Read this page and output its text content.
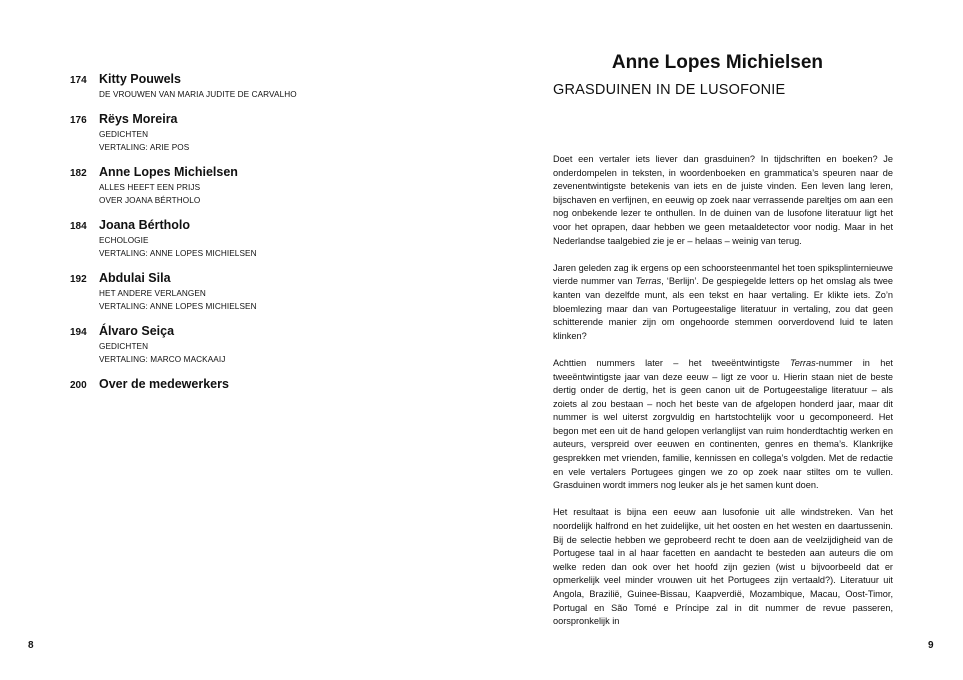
174 Kitty Pouwels
DE VROUWEN VAN MARIA JUDITE DE CARVALHO
176 Rëys Moreira
GEDICHTEN
VERTALING: ARIE POS
182 Anne Lopes Michielsen
ALLES HEEFT EEN PRIJS
OVER JOANA BÉRTHOLO
184 Joana Bértholo
ECHOLOGIE
VERTALING: ANNE LOPES MICHIELSEN
192 Abdulai Sila
HET ANDERE VERLANGEN
VERTALING: ANNE LOPES MICHIELSEN
194 Álvaro Seiça
GEDICHTEN
VERTALING: MARCO MACKAAIJ
200 Over de medewerkers
Anne Lopes Michielsen
GRASDUINEN IN DE LUSOFONIE

Doet een vertaler iets liever dan grasduinen? In tijdschriften en boeken? Je onderdompelen in teksten, in woordenboeken en grammatica’s speuren naar de zevenentwintigste betekenis van iets en de juiste vinden. Een leven lang leren, bijschaven en verfijnen, en eeuwig op zoek naar verrassende pareltjes om aan een nog onbekende lezer te onthullen. In de duinen van de lusofone literatuur ligt het voor het oprapen, daar hebben we geen metaaldetector voor nodig. Maar in het Nederlandse taalgebied zie je er – helaas – weinig van terug.

Jaren geleden zag ik ergens op een schoorsteenmantel het toen spiksplinternieuwe vierde nummer van Terras, ‘Berlijn’. De gespiegelde letters op het omslag als twee kanten van dezelfde munt, als een tekst en haar vertaling. Er klikte iets. Zo’n bloemlezing maar dan van Portugeestalige literatuur in vertaling, zou dat geen schitterende manier zijn om ongehoorde stemmen oorverdovend luid te laten klinken?

Achttien nummers later – het tweeëntwintigste Terras-nummer in het tweeëntwintigste jaar van deze eeuw – ligt ze voor u. Hierin staan niet de beste dertig onder de dertig, het is geen canon uit de Portugeestalige literatuur – als zoiets al zou bestaan – noch het beste van de afgelopen honderd jaar, maar dit nummer is wel uiterst zorgvuldig en hartstochtelijk voor u gecomponeerd. Het begon met een uit de hand gelopen verlanglijst van ruim honderdtachtig werken en auteurs, verspreid over eeuwen en continenten, genres en thema’s. Klankrijke gesprekken met vrienden, familie, kennissen en collega’s volgden. Met de redactie en vele vertalers Portugees gingen we zo op zoek naar stiltes om te vullen. Grasduinen wordt immers nog leuker als je het samen kunt doen.

Het resultaat is bijna een eeuw aan lusofonie uit alle windstreken. Van het noordelijk halfrond en het zuidelijke, uit het oosten en het westen en daartussenin. Bij de selectie hebben we geprobeerd recht te doen aan de veelzijdigheid van de Portugese taal in al haar facetten en aandacht te besteden aan auteurs die om welke reden dan ook over het hoofd zijn gezien (wist u bijvoorbeeld dat er opmerkelijk veel minder vrouwen uit het Portugees zijn vertaald?). Literatuur uit Angola, Brazilië, Guinee-Bissau, Kaapverdië, Mozambique, Macau, Oost-Timor, Portugal en São Tomé e Príncipe zal in dit nummer de revue passeren, oorspronkelijk in

8	9
